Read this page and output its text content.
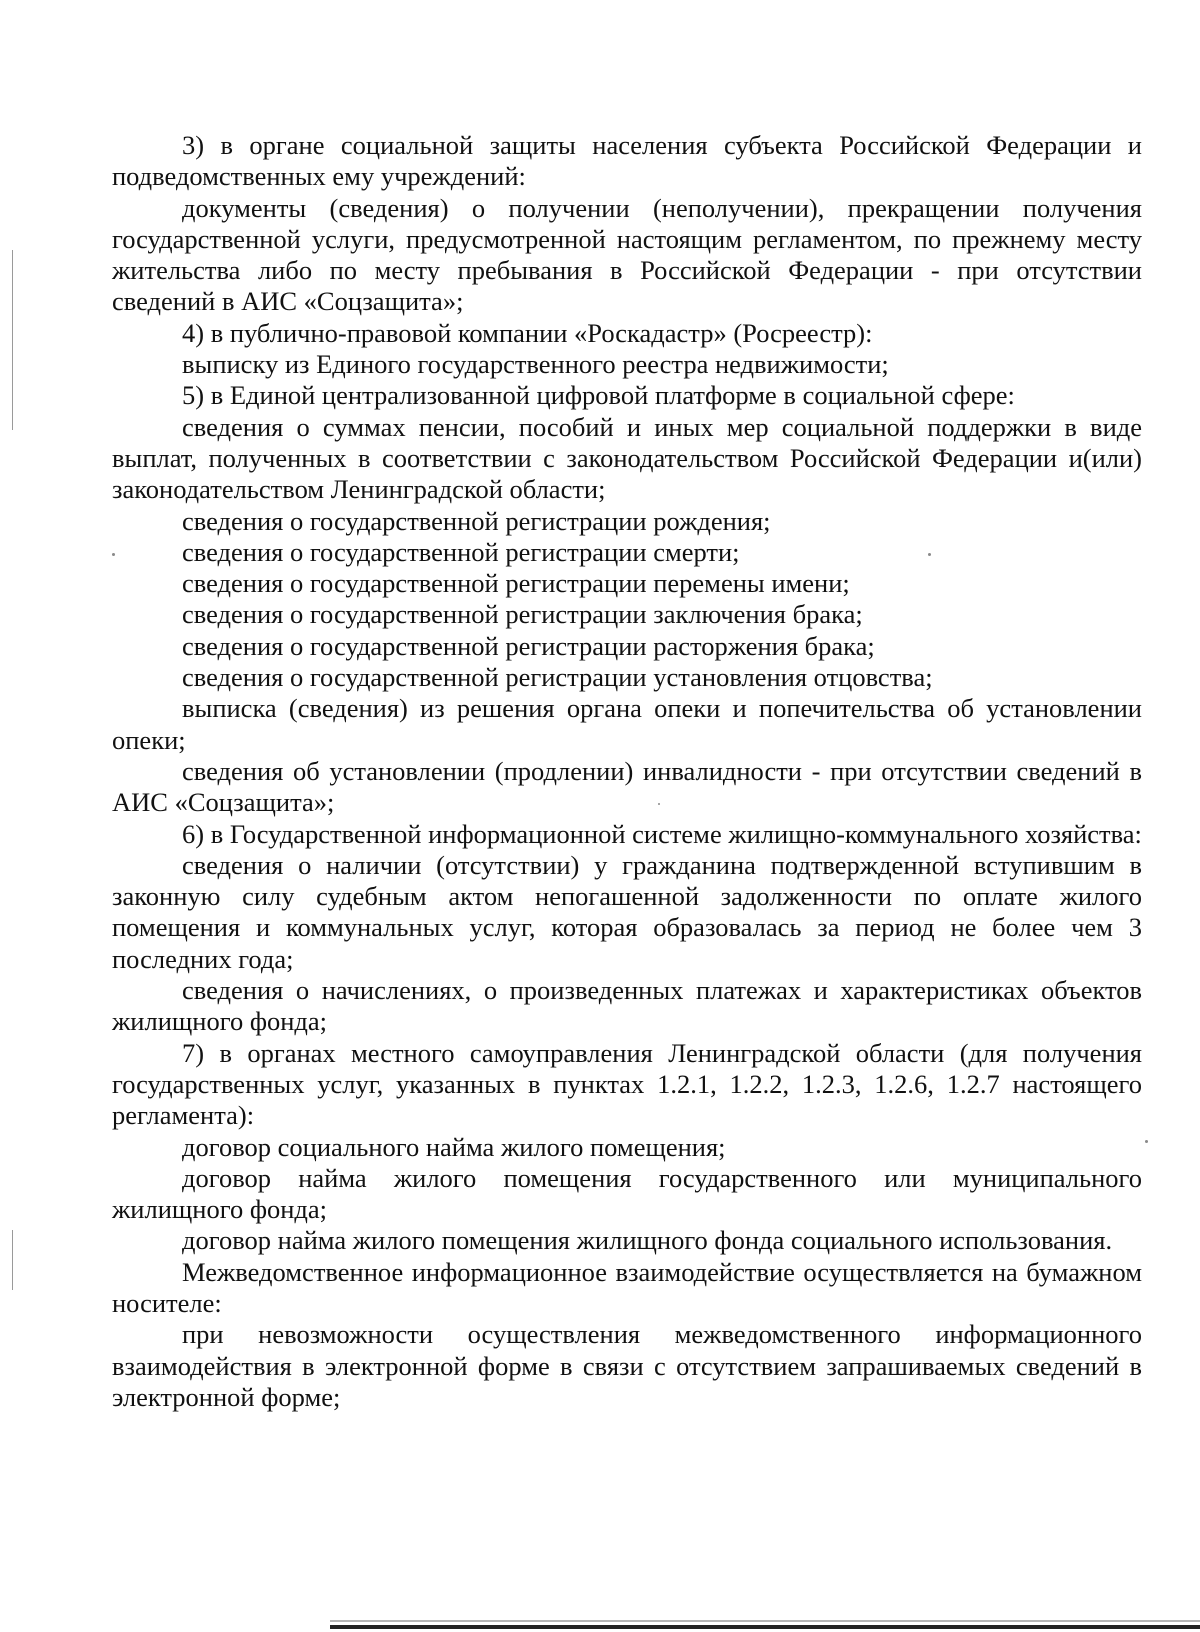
3) в органе социальной защиты населения субъекта Российской Федерации и подведомственных ему учреждений:

документы (сведения) о получении (неполучении), прекращении получения государственной услуги, предусмотренной настоящим регламентом, по прежнему месту жительства либо по месту пребывания в Российской Федерации - при отсутствии сведений в АИС «Соцзащита»;

4) в публично-правовой компании «Роскадастр» (Росреестр):

выписку из Единого государственного реестра недвижимости;

5) в Единой централизованной цифровой платформе в социальной сфере:

сведения о суммах пенсии, пособий и иных мер социальной поддержки в виде выплат, полученных в соответствии с законодательством Российской Федерации и(или) законодательством Ленинградской области;

сведения о государственной регистрации рождения;

сведения о государственной регистрации смерти;

сведения о государственной регистрации перемены имени;

сведения о государственной регистрации заключения брака;

сведения о государственной регистрации расторжения брака;

сведения о государственной регистрации установления отцовства;

выписка (сведения) из решения органа опеки и попечительства об установлении опеки;

сведения об установлении (продлении) инвалидности - при отсутствии сведений в АИС «Соцзащита»;

6) в Государственной информационной системе жилищно-коммунального хозяйства:

сведения о наличии (отсутствии) у гражданина подтвержденной вступившим в законную силу судебным актом непогашенной задолженности по оплате жилого помещения и коммунальных услуг, которая образовалась за период не более чем 3 последних года;

сведения о начислениях, о произведенных платежах и характеристиках объектов жилищного фонда;

7) в органах местного самоуправления Ленинградской области (для получения государственных услуг, указанных в пунктах 1.2.1, 1.2.2, 1.2.3, 1.2.6, 1.2.7 настоящего регламента):

договор социального найма жилого помещения;

договор найма жилого помещения государственного или муниципального жилищного фонда;

договор найма жилого помещения жилищного фонда социального использования.

Межведомственное информационное взаимодействие осуществляется на бумажном носителе:

при невозможности осуществления межведомственного информационного взаимодействия в электронной форме в связи с отсутствием запрашиваемых сведений в электронной форме;
